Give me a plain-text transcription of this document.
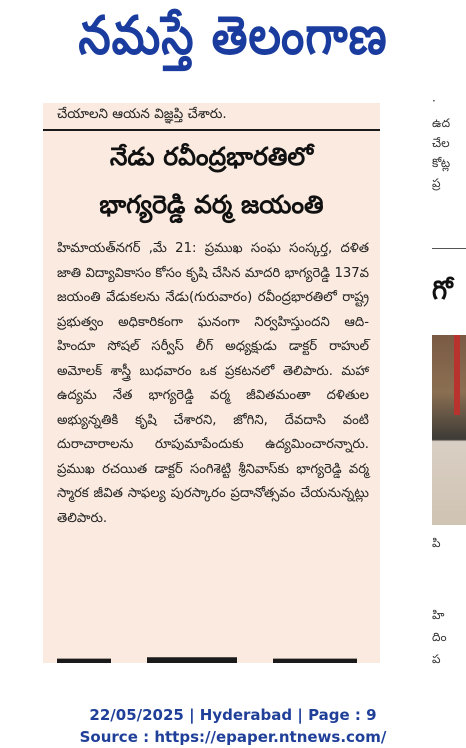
నమస్తే తెలంగాణ
చేయాలని ఆయన విజ్ఞప్తి చేశారు.
నేడు రవీంద్రభారతిలో
భాగ్యరెడ్డి వర్మ జయంతి
హిమాయత్‌నగర్ ,మే 21: ప్రముఖ సంఘ సంస్కర్త, దళిత జాతి విద్యావికాసం కోసం కృషి చేసిన మాదరి భాగ్యరెడ్డి 137వ జయంతి వేడుకలను నేడు(గురువారం) రవీంద్రభారతిలో రాష్ట్ర ప్రభుత్వం అధికారికంగా ఘనంగా నిర్వహిస్తుందని ఆది- హిందూ సోషల్ సర్వీస్ లీగ్ అధ్యక్షుడు డాక్టర్ రాహుల్ అమోలక్ శాస్త్రీ బుధవారం ఒక ప్రకటనలో తెలిపారు. మహా ఉద్యమ నేత భాగ్యరెడ్డి వర్మ జీవితమంతా దళితుల అభ్యున్నతికి కృషి చేశారని, జోగిని, దేవదాసి వంటి దురాచారాలను రూపుమాపేందుకు ఉద్యమించారన్నారు. ప్రముఖ రచయిత డాక్టర్ సంగిశెట్టి శ్రీనివాస్‌కు భాగ్యరెడ్డి వర్మ స్మారక జీవిత సాఫల్య పురస్కారం ప్రదానోత్సవం చేయనున్నట్లు తెలిపారు.
·
ఉద
చేల
కోట్ల
ప్ర
గో
పి
హి
దిం
ప
22/05/2025 | Hyderabad | Page : 9
Source : https://epaper.ntnews.com/
